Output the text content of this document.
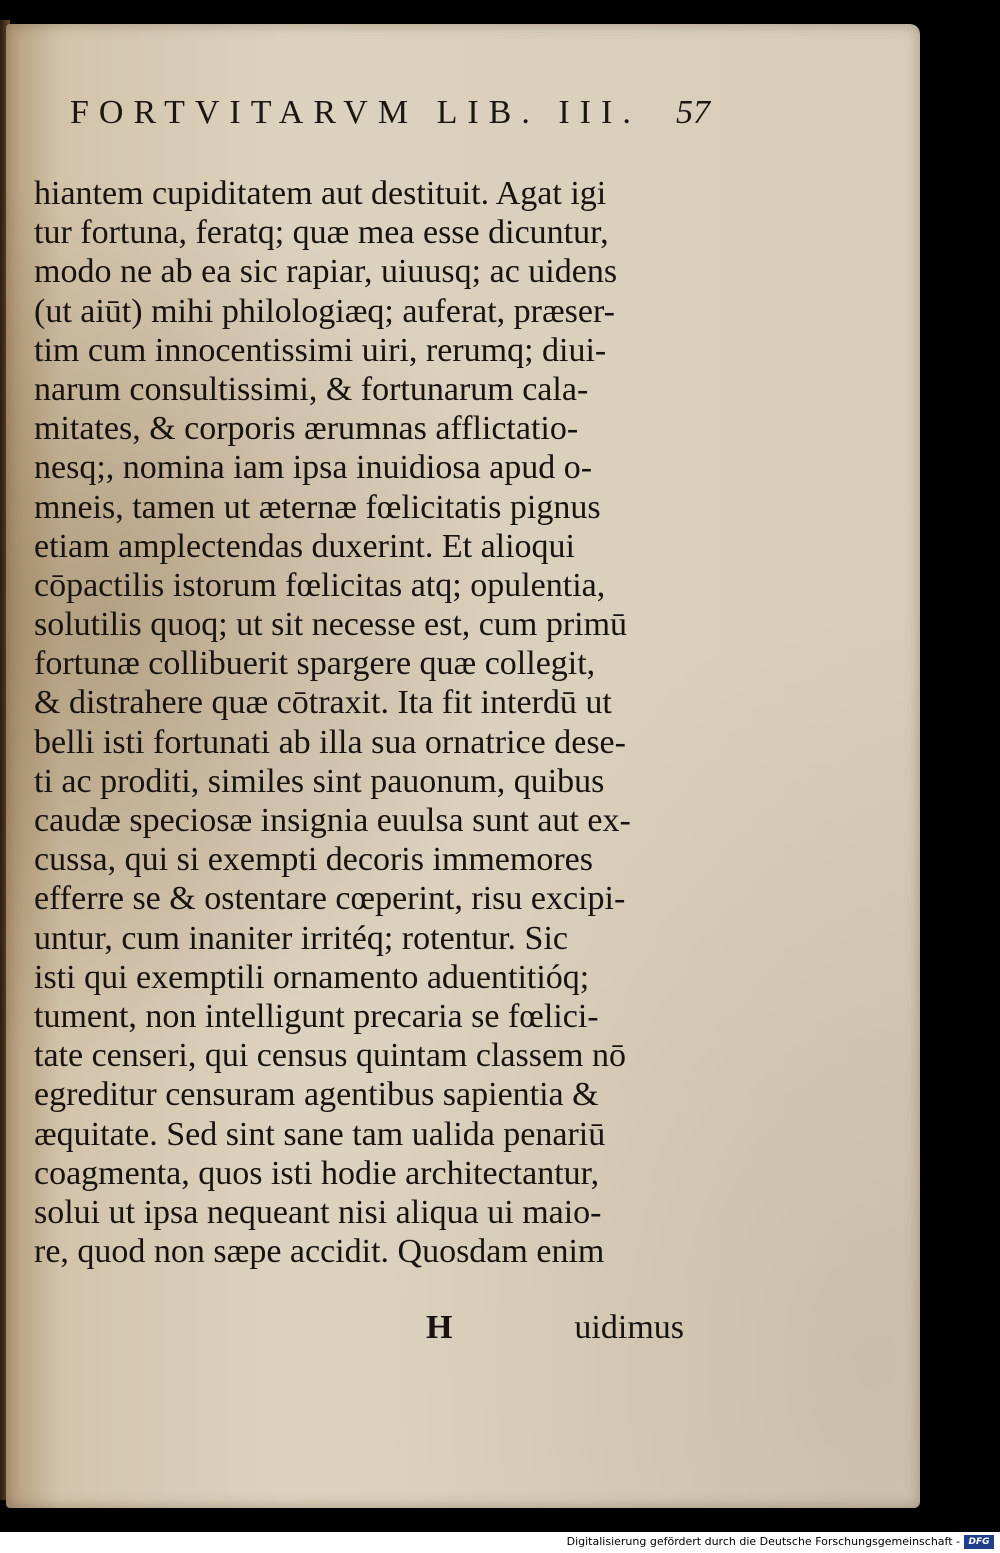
FORTVITARVM LIB. III. 57
hiantem cupiditatem aut destituit. Agat igi
tur fortuna, feratq; quæ mea esse dicuntur,
modo ne ab ea sic rapiar, uiuusq; ac uidens
(ut aiūt) mihi philologiæq; auferat, præser-
tim cum innocentissimi uiri, rerumq; diui-
narum consultissimi, & fortunarum cala-
mitates, & corporis ærumnas afflictatio-
nesq;, nomina iam ipsa inuidiosa apud o-
mneis, tamen ut æternæ fœlicitatis pignus
etiam amplectendas duxerint. Et alioqui
cōpactilis istorum fœlicitas atq; opulentia,
solutilis quoq; ut sit necesse est, cum primū
fortunæ collibuerit spargere quæ collegit,
& distrahere quæ cōtraxit. Ita fit interdū ut
belli isti fortunati ab illa sua ornatrice dese-
ti ac proditi, similes sint pauonum, quibus
caudæ speciosæ insignia euulsa sunt aut ex-
cussa, qui si exempti decoris immemores
efferre se & ostentare cœperint, risu excipi-
untur, cum inaniter irritéq; rotentur. Sic
isti qui exemptili ornamento aduentitióq;
tument, non intelligunt precaria se fœlici-
tate censeri, qui census quintam classem nō
egreditur censuram agentibus sapientia &
æquitate. Sed sint sane tam ualida penariū
coagmenta, quos isti hodie architectantur,
solui ut ipsa nequeant nisi aliqua ui maio-
re, quod non sæpe accidit. Quosdam enim
H	uidimus
Digitalisierung gefördert durch die Deutsche Forschungsgemeinschaft - DFG
